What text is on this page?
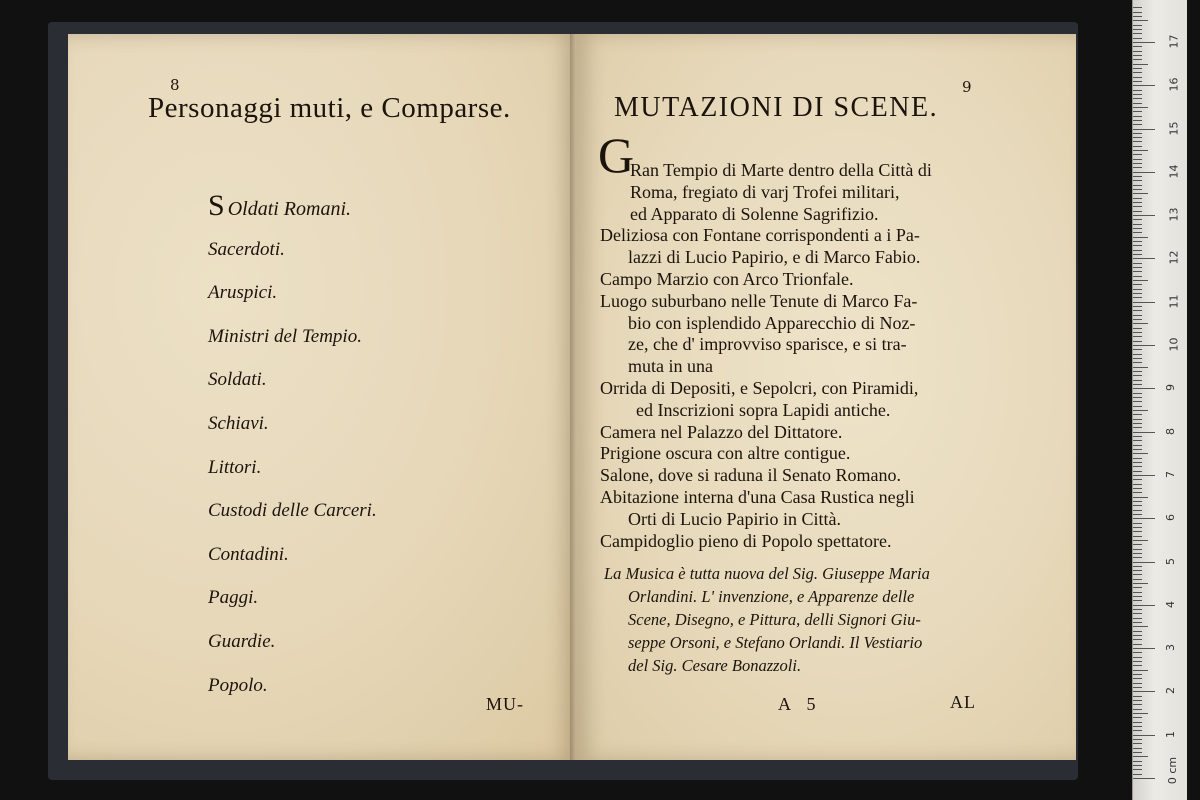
8
Personaggi muti, e Comparse.
S Oldati Romani.
Sacerdoti.
Aruspici.
Ministri del Tempio.
Soldati.
Schiavi.
Littori.
Custodi delle Carceri.
Contadini.
Paggi.
Guardie.
Popolo.
MU-
9
MUTAZIONI DI SCENE.
G
Ran Tempio di Marte dentro della Città di
Roma, fregiato di varj Trofei militari,
ed Apparato di Solenne Sagrifizio.
Deliziosa con Fontane corrispondenti a i Pa-
lazzi di Lucio Papirio, e di Marco Fabio.
Campo Marzio con Arco Trionfale.
Luogo suburbano nelle Tenute di Marco Fa-
bio con isplendido Apparecchio di Noz-
ze, che d' improvviso sparisce, e si tra-
muta in una
Orrida di Depositi, e Sepolcri, con Piramidi,
ed Inscrizioni sopra Lapidi antiche.
Camera nel Palazzo del Dittatore.
Prigione oscura con altre contigue.
Salone, dove si raduna il Senato Romano.
Abitazione interna d'una Casa Rustica negli
Orti di Lucio Papirio in Città.
Campidoglio pieno di Popolo spettatore.
La Musica è tutta nuova del Sig. Giuseppe Maria
Orlandini. L' invenzione, e Apparenze delle
Scene, Disegno, e Pittura, delli Signori Giu-
seppe Orsoni, e Stefano Orlandi. Il Vestiario
del Sig. Cesare Bonazzoli.
A 5	AL
0 cm
1
2
3
4
5
6
7
8
9
10
11
12
13
14
15
16
17
